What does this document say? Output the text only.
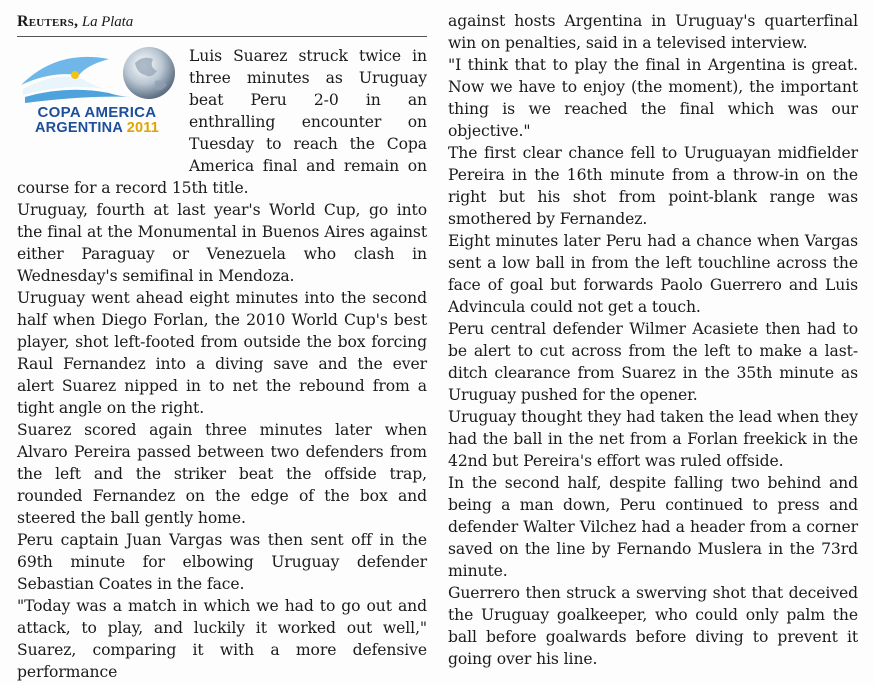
Reuters, La Plata
COPA AMERICA
ARGENTINA 2011

Luis Suarez struck twice in three minutes as Uruguay beat Peru 2-0 in an enthralling encounter on Tuesday to reach the Copa America final and remain on course for a record 15th title.

Uruguay, fourth at last year's World Cup, go into the final at the Monumental in Buenos Aires against either Paraguay or Venezuela who clash in Wednesday's semifinal in Mendoza.

Uruguay went ahead eight minutes into the second half when Diego Forlan, the 2010 World Cup's best player, shot left-footed from outside the box forcing Raul Fernandez into a diving save and the ever alert Suarez nipped in to net the rebound from a tight angle on the right.

Suarez scored again three minutes later when Alvaro Pereira passed between two defenders from the left and the striker beat the offside trap, rounded Fernandez on the edge of the box and steered the ball gently home.

Peru captain Juan Vargas was then sent off in the 69th minute for elbowing Uruguay defender Sebastian Coates in the face.

"Today was a match in which we had to go out and attack, to play, and luckily it worked out well," Suarez, comparing it with a more defensive performance

against hosts Argentina in Uruguay's quarterfinal win on penalties, said in a televised interview.

"I think that to play the final in Argentina is great. Now we have to enjoy (the moment), the important thing is we reached the final which was our objective."

The first clear chance fell to Uruguayan midfielder Pereira in the 16th minute from a throw-in on the right but his shot from point-blank range was smothered by Fernandez.

Eight minutes later Peru had a chance when Vargas sent a low ball in from the left touchline across the face of goal but forwards Paolo Guerrero and Luis Advincula could not get a touch.

Peru central defender Wilmer Acasiete then had to be alert to cut across from the left to make a last-ditch clearance from Suarez in the 35th minute as Uruguay pushed for the opener.

Uruguay thought they had taken the lead when they had the ball in the net from a Forlan freekick in the 42nd but Pereira's effort was ruled offside.

In the second half, despite falling two behind and being a man down, Peru continued to press and defender Walter Vilchez had a header from a corner saved on the line by Fernando Muslera in the 73rd minute.

Guerrero then struck a swerving shot that deceived the Uruguay goalkeeper, who could only palm the ball before goalwards before diving to prevent it going over his line.
